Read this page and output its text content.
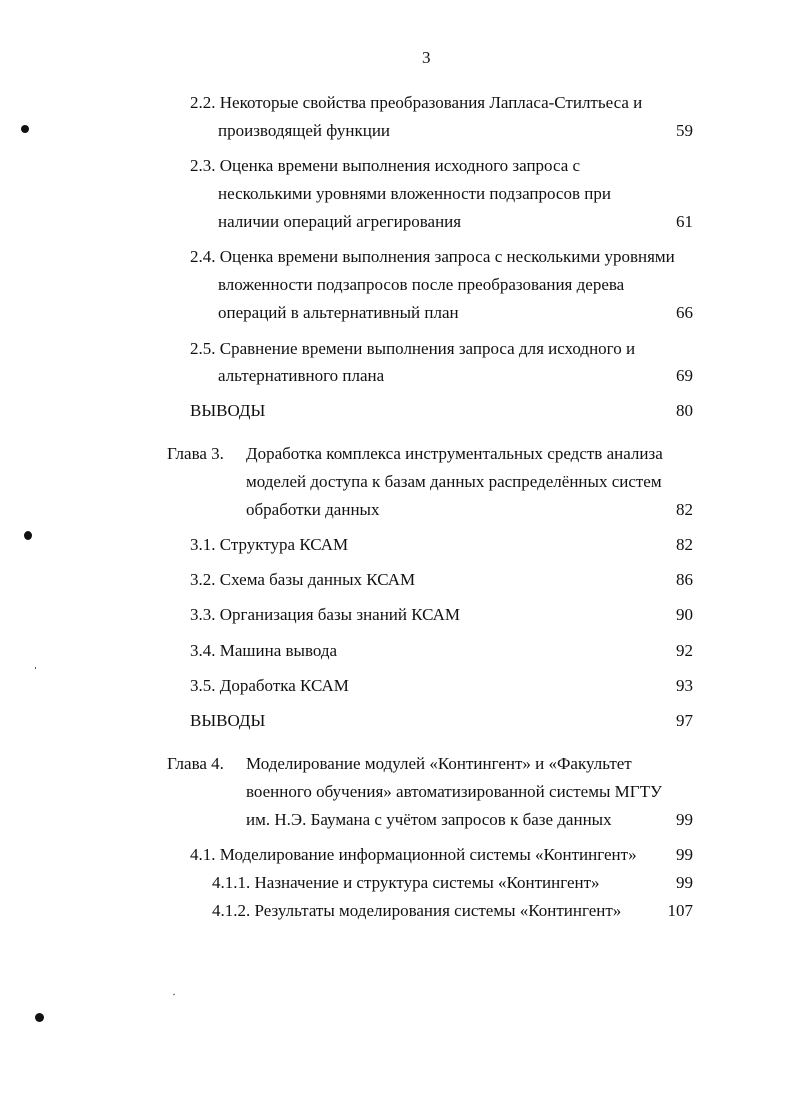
3
2.2. Некоторые свойства преобразования Лапласа-Стилтьеса и
производящей функции	59
2.3. Оценка времени выполнения исходного запроса с
несколькими уровнями вложенности подзапросов при
наличии операций агрегирования	61
2.4. Оценка времени выполнения запроса с несколькими уровнями
вложенности подзапросов после преобразования дерева
операций в альтернативный план	66
2.5. Сравнение времени выполнения запроса для исходного и
альтернативного плана	69
ВЫВОДЫ	80
Глава 3. Доработка комплекса инструментальных средств анализа
моделей доступа к базам данных распределённых систем
обработки данных	82
3.1. Структура КСАМ	82
3.2. Схема базы данных КСАМ	86
3.3. Организация базы знаний КСАМ	90
3.4. Машина вывода	92
3.5. Доработка КСАМ	93
ВЫВОДЫ	97
Глава 4. Моделирование модулей «Контингент» и «Факультет
военного обучения» автоматизированной системы МГТУ
им. Н.Э. Баумана с учётом запросов к базе данных	99
4.1. Моделирование информационной системы «Контингент» 99
4.1.1. Назначение и структура системы «Контингент»	99
4.1.2. Результаты моделирования системы «Контингент»	107
